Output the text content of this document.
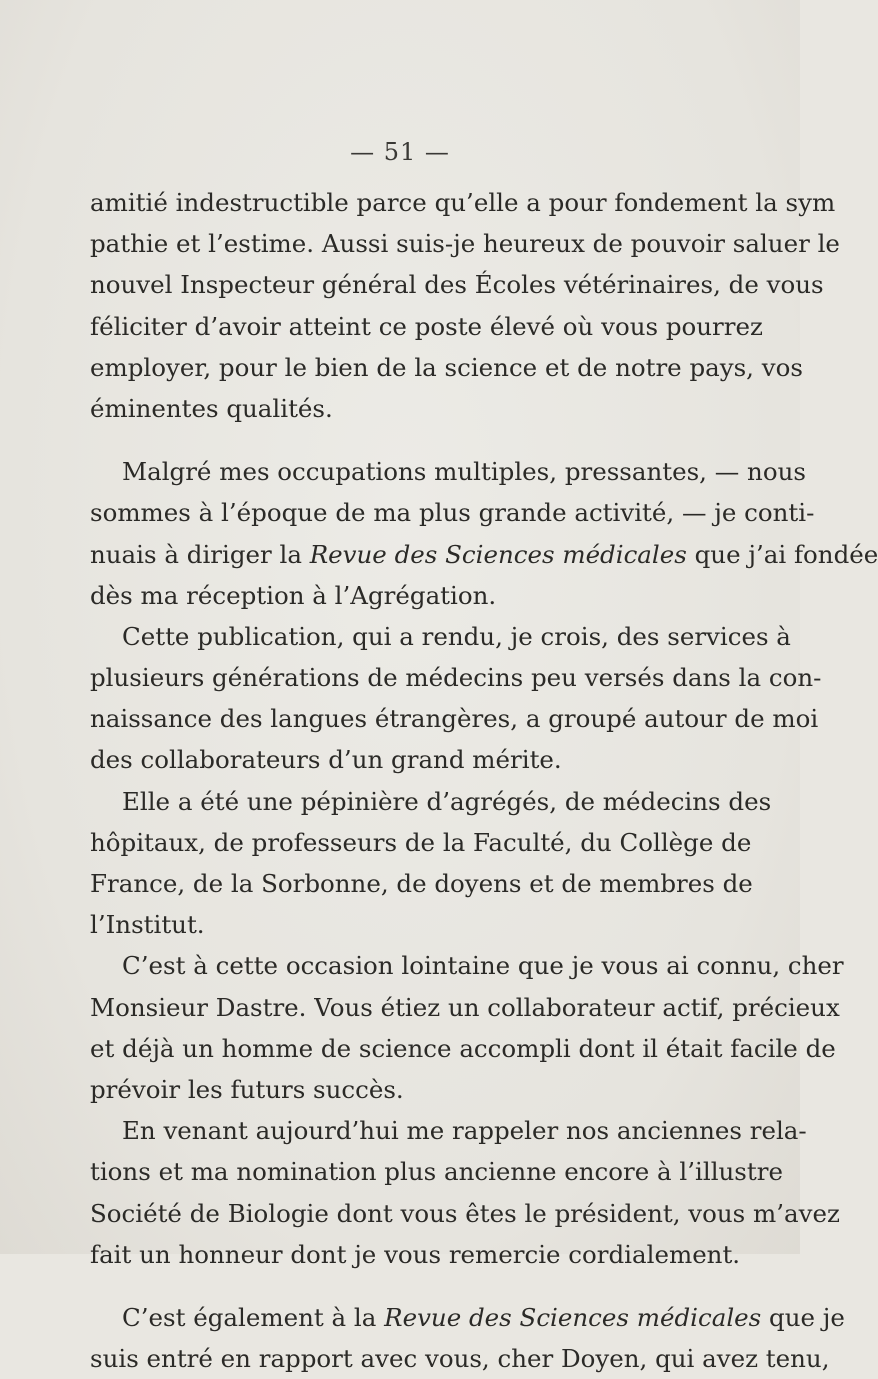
— 51 —
amitié indestructible parce qu’elle a pour fondement la sym
pathie et l’estime. Aussi suis-je heureux de pouvoir saluer le
nouvel Inspecteur général des Écoles vétérinaires, de vous
féliciter d’avoir atteint ce poste élevé où vous pourrez
employer, pour le bien de la science et de notre pays, vos
éminentes qualités.
Malgré mes occupations multiples, pressantes, — nous
sommes à l’époque de ma plus grande activité, — je conti-
nuais à diriger la Revue des Sciences médicales que j’ai fondée
dès ma réception à l’Agrégation.
Cette publication, qui a rendu, je crois, des services à
plusieurs générations de médecins peu versés dans la con-
naissance des langues étrangères, a groupé autour de moi
des collaborateurs d’un grand mérite.
Elle a été une pépinière d’agrégés, de médecins des
hôpitaux, de professeurs de la Faculté, du Collège de
France, de la Sorbonne, de doyens et de membres de
l’Institut.
C’est à cette occasion lointaine que je vous ai connu, cher
Monsieur Dastre. Vous étiez un collaborateur actif, précieux
et déjà un homme de science accompli dont il était facile de
prévoir les futurs succès.
En venant aujourd’hui me rappeler nos anciennes rela-
tions et ma nomination plus ancienne encore à l’illustre
Société de Biologie dont vous êtes le président, vous m’avez
fait un honneur dont je vous remercie cordialement.
C’est également à la Revue des Sciences médicales que je
suis entré en rapport avec vous, cher Doyen, qui avez tenu,
